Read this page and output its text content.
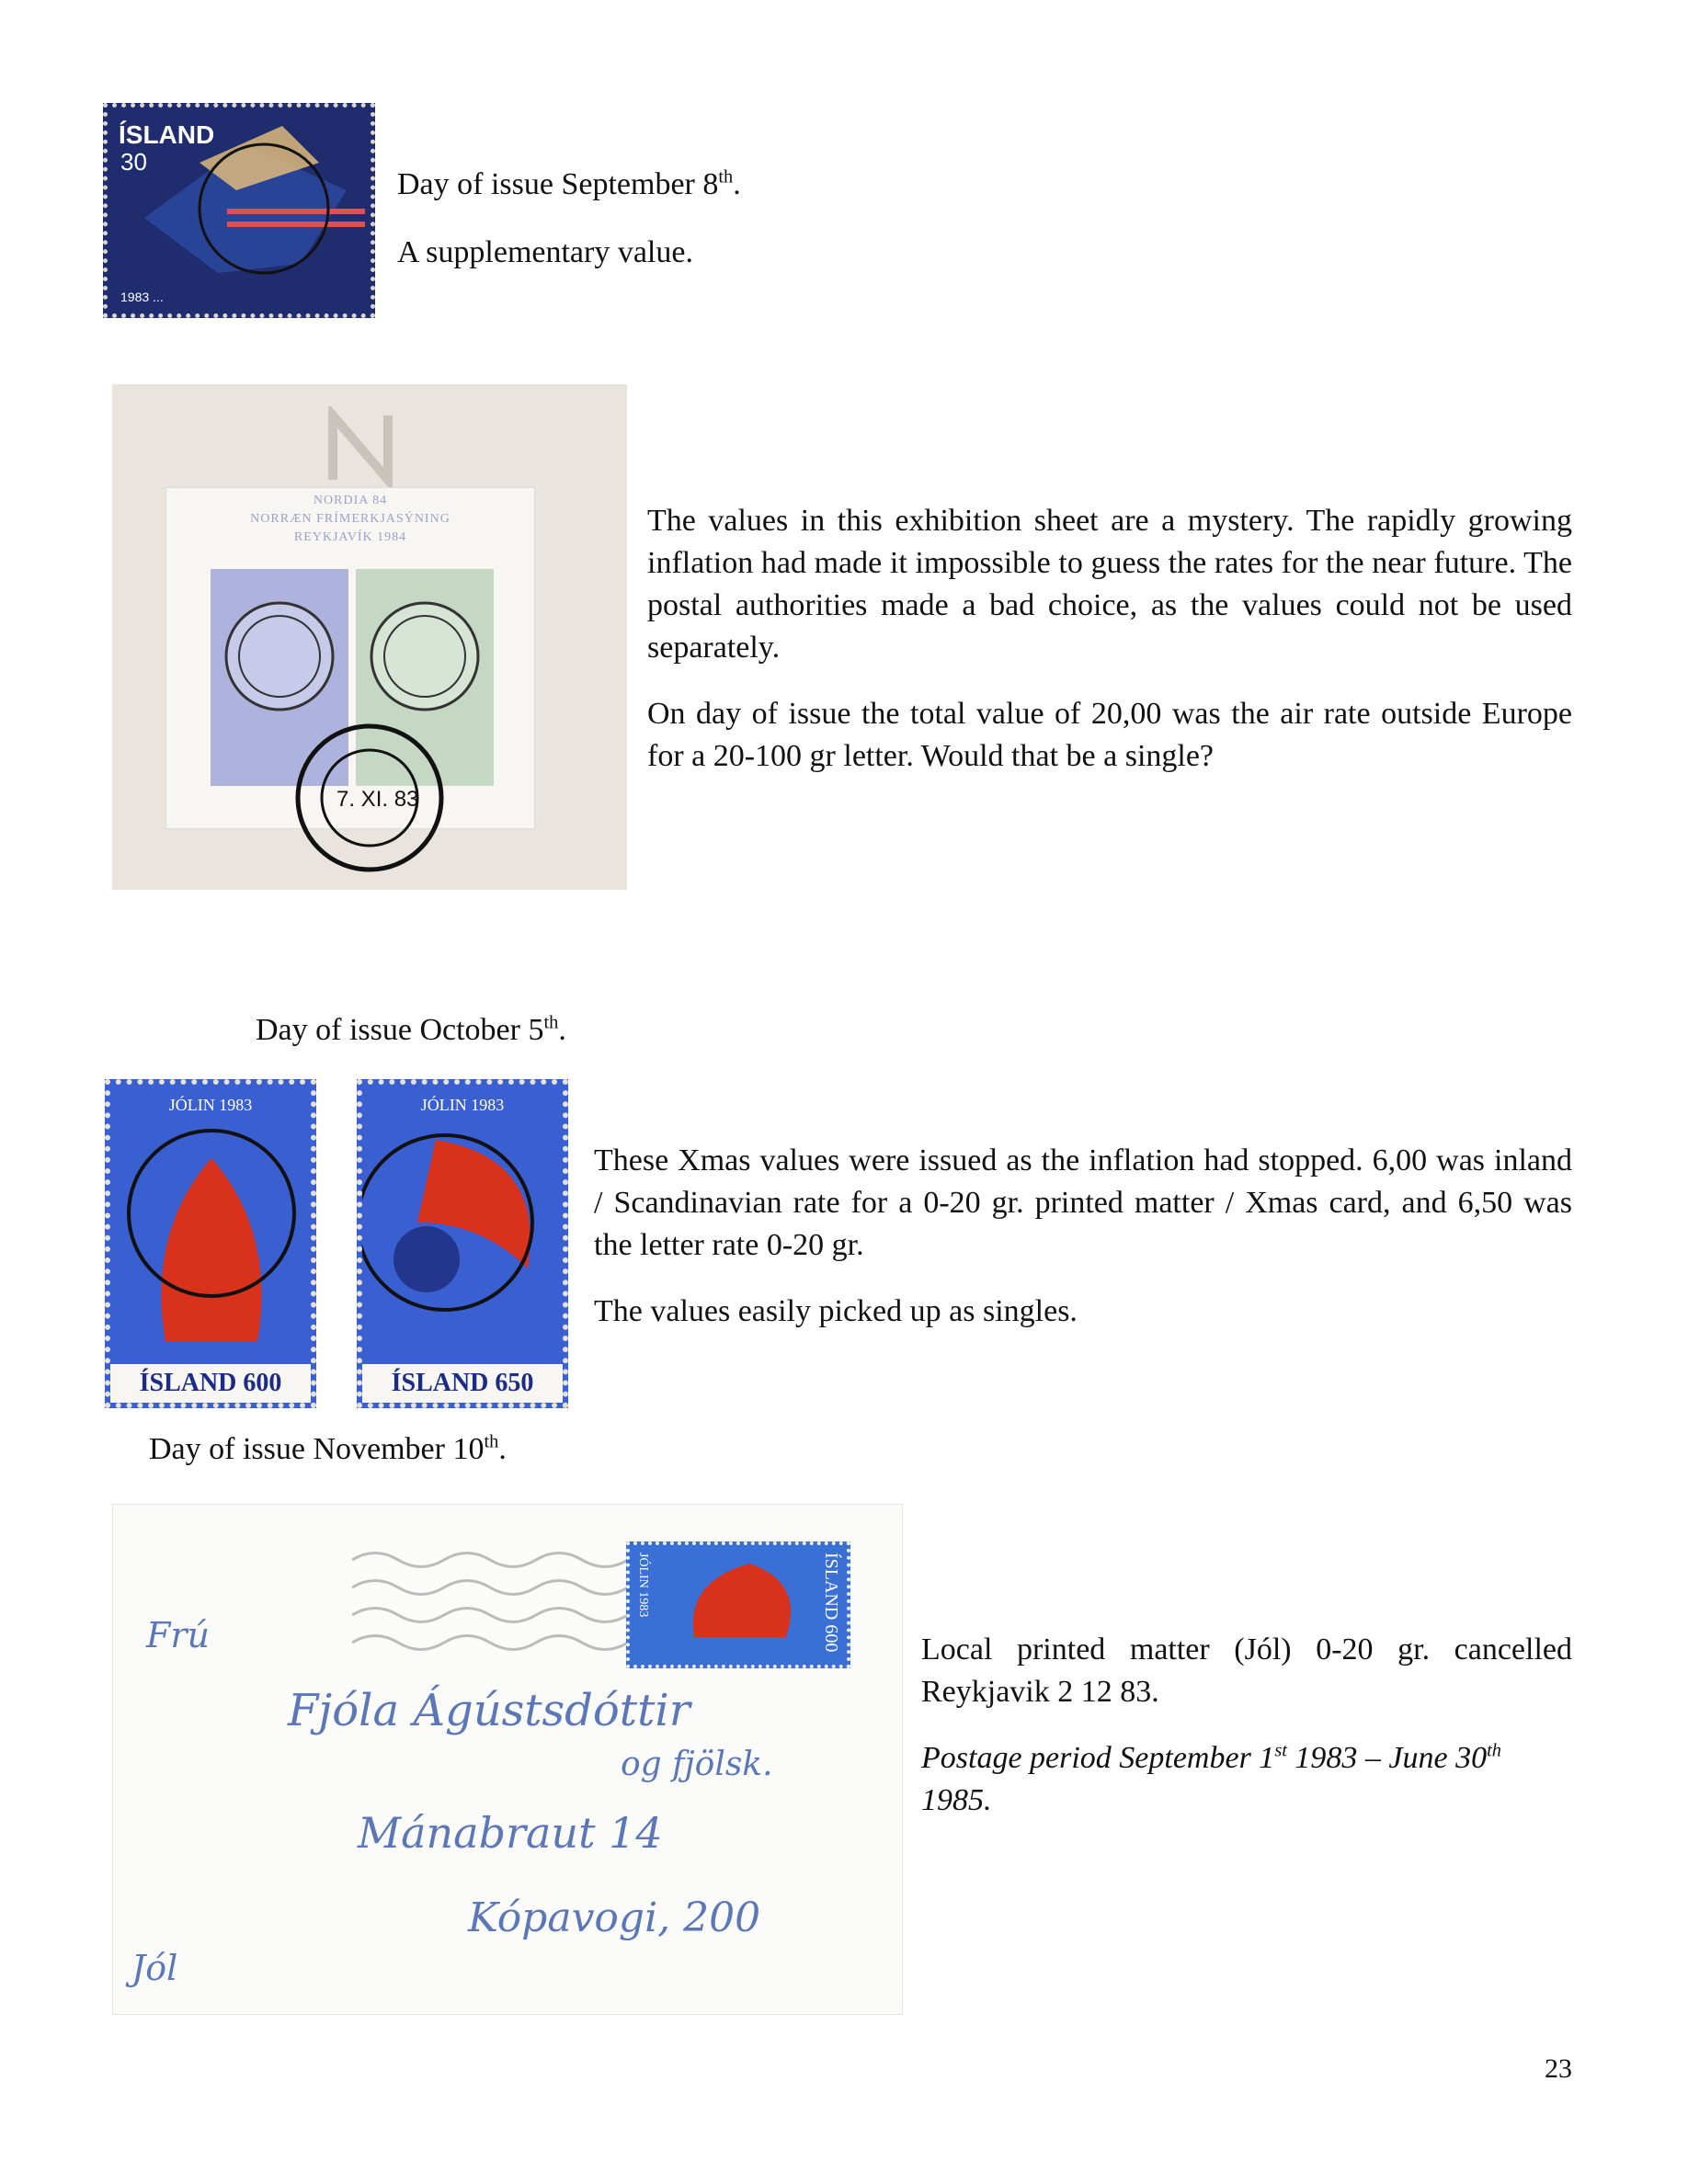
ÍSLAND
30
1983 ...
Day of issue September 8th.
A supplementary value.
NORDIA 84
NORRÆN FRÍMERKJASÝNING
REYKJAVÍK 1984
7. XI. 83

The values in this exhibition sheet are a mystery. The rapidly growing inflation had made it impossible to guess the rates for the near future. The postal authorities made a bad choice, as the values could not be used separately.

On day of issue the total value of 20,00 was the air rate outside Europe for a 20-100 gr letter. Would that be a single?

Day of issue October 5th.
JÓLIN 1983
ÍSLAND 600
JÓLIN 1983
ÍSLAND 650

These Xmas values were issued as the inflation had stopped. 6,00 was inland / Scandinavian rate for a 0-20 gr. printed matter / Xmas card, and 6,50 was the letter rate 0-20 gr.

The values easily picked up as singles.

Day of issue November 10th.
JÓLIN 1983	ÍSLAND 600
Frú
Fjóla Ágústsdóttir
og fjölsk.
Mánabraut 14
Kópavogi, 200
Jól

Local printed matter (Jól) 0-20 gr. cancelled Reykjavik 2 12 83.

Postage period September 1st 1983 – June 30th 1985.

23
